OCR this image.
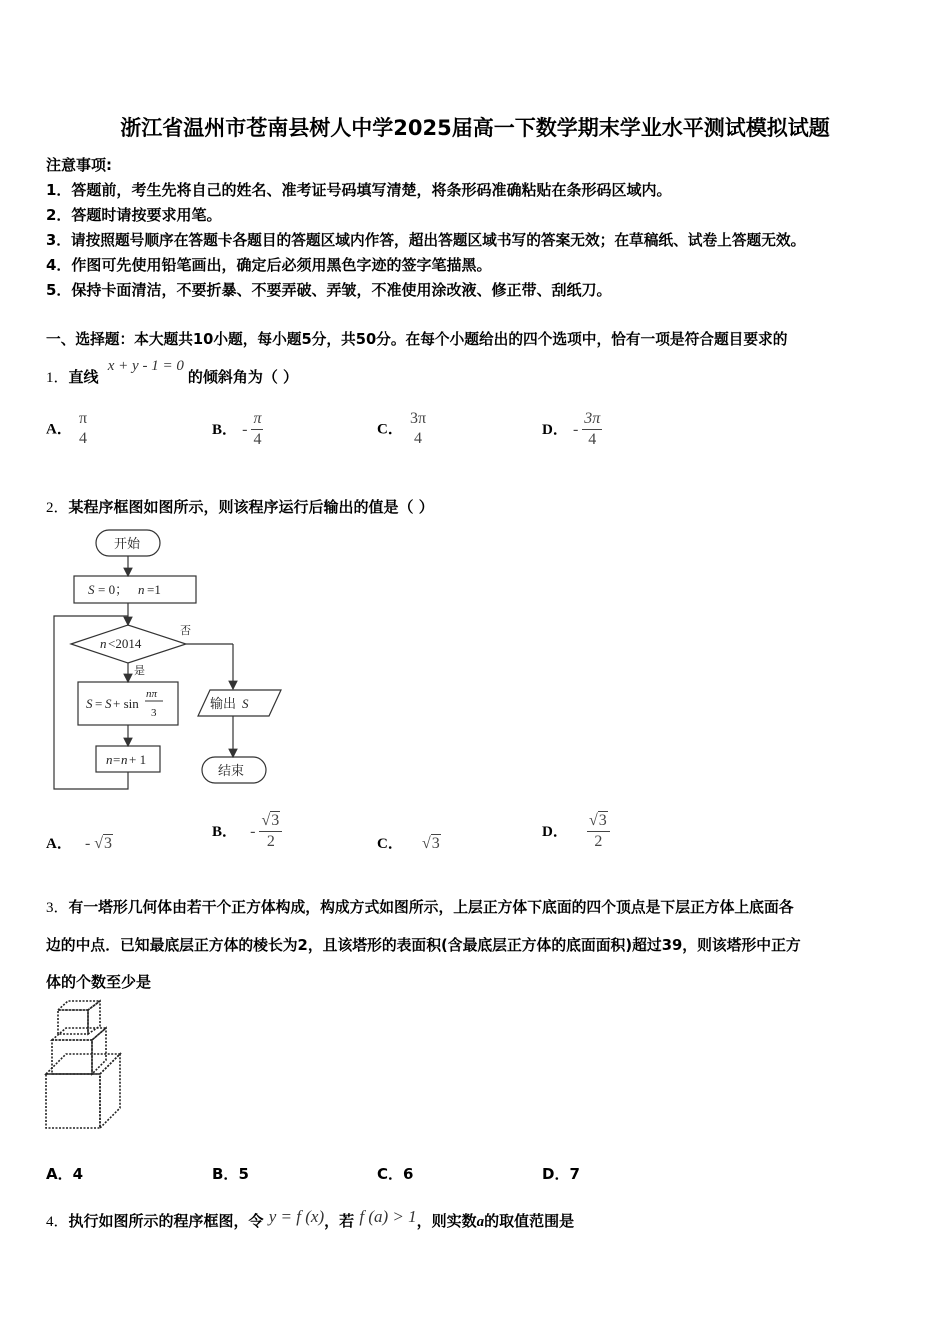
浙江省温州市苍南县树人中学2025届高一下数学期末学业水平测试模拟试题
注意事项:
1．答题前，考生先将自己的姓名、准考证号码填写清楚，将条形码准确粘贴在条形码区域内。
2．答题时请按要求用笔。
3．请按照题号顺序在答题卡各题目的答题区域内作答，超出答题区域书写的答案无效；在草稿纸、试卷上答题无效。
4．作图可先使用铅笔画出，确定后必须用黑色字迹的签字笔描黑。
5．保持卡面清洁，不要折暴、不要弄破、弄皱，不准使用涂改液、修正带、刮纸刀。
一、选择题：本大题共10小题，每小题5分，共50分。在每个小题给出的四个选项中，恰有一项是符合题目要求的
1．直线 x + y - 1 = 0的倾斜角为（ ）
A．
π
4	B． - $\frac{\pi}{4}$	C．
3π
4	D． - $\frac{3\pi}{4}$
2．某程序框图如图所示，则该程序运行后输出的值是（ ）
开始
S = 0； n =1
n <2014
否
是
S = S + sin
nπ
3
n = n + 1
输出 S
结束
A． - √3
B． - $\frac{√3}{2}$	C． √3
D． $\frac{√3}{2}$
3．有一塔形几何体由若干个正方体构成，构成方式如图所示，上层正方体下底面的四个顶点是下层正方体上底面各
边的中点．已知最底层正方体的棱长为2，且该塔形的表面积(含最底层正方体的底面面积)超过39，则该塔形中正方
体的个数至少是
A．4	B．5	C．6	D．7
4．执行如图所示的程序框图，令 y = f (x)，若 f (a) > 1，则实数a的取值范围是
